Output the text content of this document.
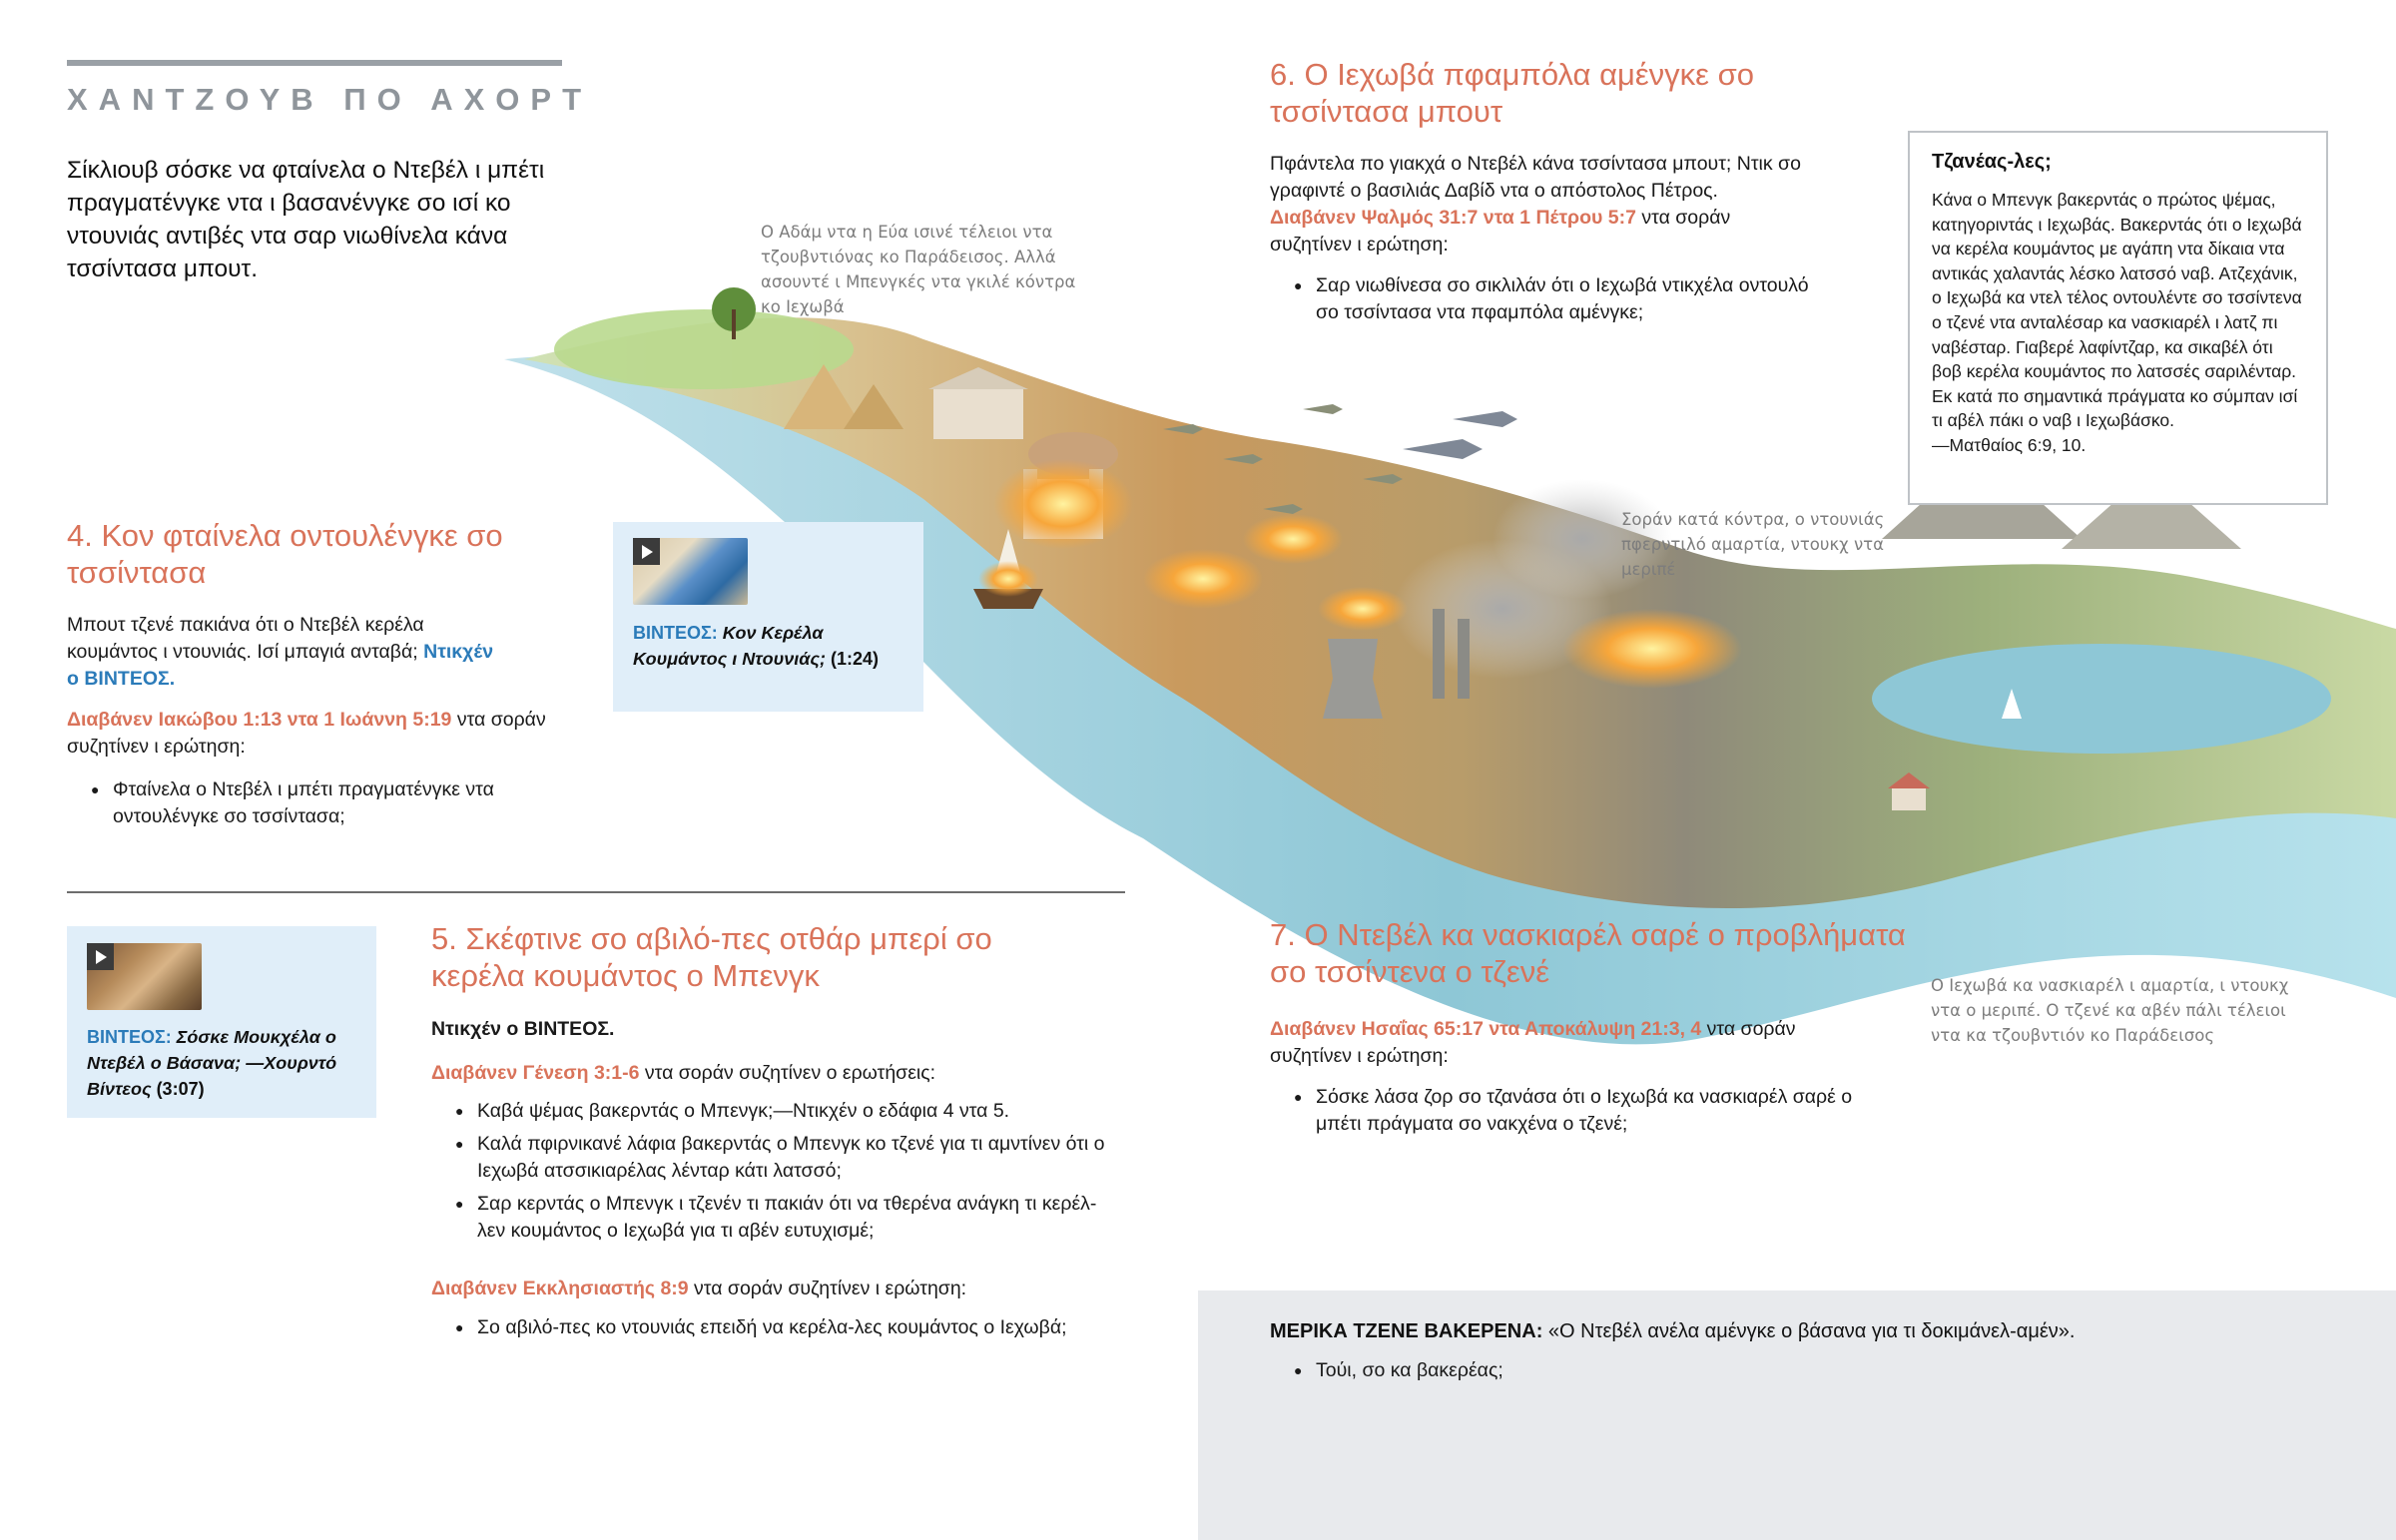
ΧΑΝΤΖΟΥΒ ΠΟ ΑΧΟΡΤ
Σίκλιουβ σόσκε να φταίνελα ο Ντεβέλ ι μπέτι πραγματένγκε ντα ι βασανένγκε σο ισί κο ντουνιάς αντιβές ντα σαρ νιωθίνελα κάνα τσσίντασα μπουτ.
4. Κον φταίνελα οντουλένγκε σο τσσίντασα
Μπουτ τζενέ πακιάνα ότι ο Ντεβέλ κερέλα κουμάντος ι ντουνιάς. Ισί μπαγιά ανταβά; Ντικχέν ο ΒΙΝΤΕΟΣ.
Διαβάνεν Ιακώβου 1:13 ντα 1 Ιωάννη 5:19 ντα σοράν συζητίνεν ι ερώτηση:
● Φταίνελα ο Ντεβέλ ι μπέτι πραγματένγκε ντα οντουλένγκε σο τσσίντασα;
ΒΙΝΤΕΟΣ: Κον Κερέλα Κουμάντος ι Ντουνιάς; (1:24)
ΒΙΝΤΕΟΣ: Σόσκε Μουκχέλα ο Ντεβέλ ο Βάσανα; —Χουρντό Βίντεος (3:07)
5. Σκέφτινε σο αβιλό-πες οτθάρ μπερί σο κερέλα κουμάντος ο Μπενγκ
Ντικχέν ο ΒΙΝΤΕΟΣ.
Διαβάνεν Γένεση 3:1-6 ντα σοράν συζητίνεν ο ερωτήσεις:
● Καβά ψέμας βακερντάς ο Μπενγκ;—Ντικχέν ο εδάφια 4 ντα 5.
● Καλά πφιρνικανέ λάφια βακερντάς ο Μπενγκ κο τζενέ για τι αμντίνεν ότι ο Ιεχωβά ατσσικιαρέλας λένταρ κάτι λατσσό;
● Σαρ κερντάς ο Μπενγκ ι τζενέν τι πακιάν ότι να τθερένα ανάγκη τι κερέλ-λεν κουμάντος ο Ιεχωβά για τι αβέν ευτυχισμέ;
Διαβάνεν Εκκλησιαστής 8:9 ντα σοράν συζητίνεν ι ερώτηση:
● Σο αβιλό-πες κο ντουνιάς επειδή να κερέλα-λες κουμάντος ο Ιεχωβά;
6. Ο Ιεχωβά πφαμπόλα αμένγκε σο τσσίντασα μπουτ
Πφάντελα πο γιακχά ο Ντεβέλ κάνα τσσίντασα μπουτ; Ντικ σο γραφιντέ ο βασιλιάς Δαβίδ ντα ο απόστολος Πέτρος. Διαβάνεν Ψαλμός 31:7 ντα 1 Πέτρου 5:7 ντα σοράν συζητίνεν ι ερώτηση:
● Σαρ νιωθίνεσα σο σικλιλάν ότι ο Ιεχωβά ντικχέλα οντουλό σο τσσίντασα ντα πφαμπόλα αμένγκε;
Τζανέας-λες;
Κάνα ο Μπενγκ βακερντάς ο πρώτος ψέμας, κατηγοριντάς ι Ιεχωβάς. Βακερντάς ότι ο Ιεχωβά να κερέλα κουμάντος με αγάπη ντα δίκαια ντα αντικάς χαλαντάς λέσκο λατσσό ναβ. Ατζεχάνικ, ο Ιεχωβά κα ντελ τέλος οντουλέντε σο τσσίντενα ο τζενέ ντα ανταλέσαρ κα νασκιαρέλ ι λατζ πι ναβέσταρ. Γιαβερέ λαφίντζαρ, κα σικαβέλ ότι βοβ κερέλα κουμάντος πο λατσσές σαριλένταρ. Εκ κατά πο σημαντικά πράγματα κο σύμπαν ισί τι αβέλ πάκι ο ναβ ι Ιεχωβάσκο.
—Ματθαίος 6:9, 10.
Ο Αδάμ ντα η Εύα ισινέ τέλειοι ντα τζουβντιόνας κο Παράδεισος. Αλλά ασουντέ ι Μπενγκές ντα γκιλέ κόντρα κο Ιεχωβά
Σοράν κατά κόντρα, ο ντουνιάς πφερντιλό αμαρτία, ντουκχ ντα μεριπέ
Ο Ιεχωβά κα νασκιαρέλ ι αμαρτία, ι ντουκχ ντα ο μεριπέ. Ο τζενέ κα αβέν πάλι τέλειοι ντα κα τζουβντιόν κο Παράδεισος
7. Ο Ντεβέλ κα νασκιαρέλ σαρέ ο προβλήματα σο τσσίντενα ο τζενέ
Διαβάνεν Ησαΐας 65:17 ντα Αποκάλυψη 21:3, 4 ντα σοράν συζητίνεν ι ερώτηση:
● Σόσκε λάσα ζορ σο τζανάσα ότι ο Ιεχωβά κα νασκιαρέλ σαρέ ο μπέτι πράγματα σο νακχένα ο τζενέ;
ΜΕΡΙΚΑ ΤΖΕΝΕ ΒΑΚΕΡΕΝΑ: «Ο Ντεβέλ ανέλα αμένγκε ο βάσανα για τι δοκιμάνελ-αμέν».
● Τούι, σο κα βακερέας;
